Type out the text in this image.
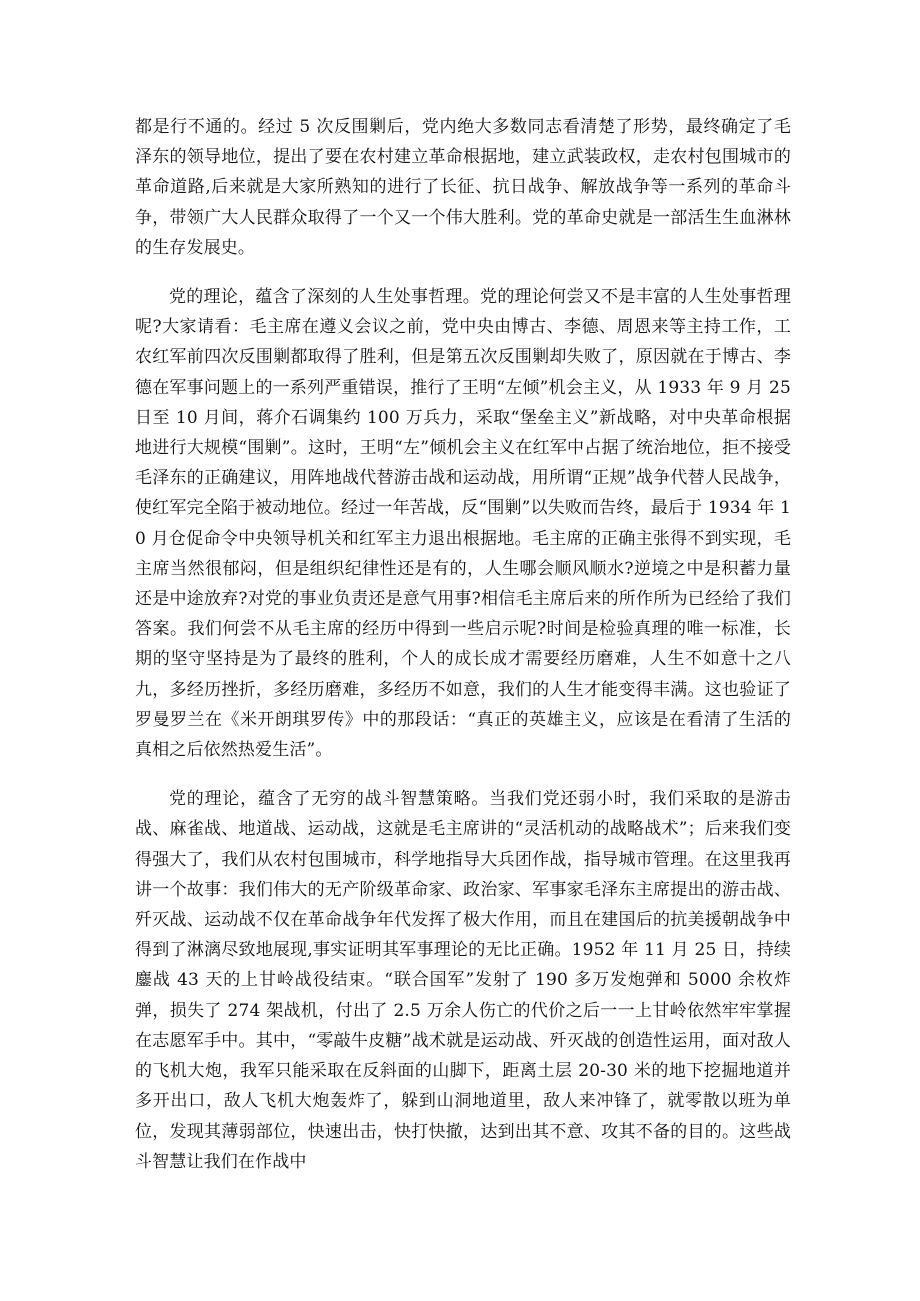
都是行不通的。经过 5 次反围剿后，党内绝大多数同志看清楚了形势，最终确定了毛泽东的领导地位，提出了要在农村建立革命根据地，建立武装政权，走农村包围城市的革命道路,后来就是大家所熟知的进行了长征、抗日战争、解放战争等一系列的革命斗争，带领广大人民群众取得了一个又一个伟大胜利。党的革命史就是一部活生生血淋林的生存发展史。

党的理论，蕴含了深刻的人生处事哲理。党的理论何尝又不是丰富的人生处事哲理呢?大家请看：毛主席在遵义会议之前，党中央由博古、李德、周恩来等主持工作，工农红军前四次反围剿都取得了胜利，但是第五次反围剿却失败了，原因就在于博古、李德在军事问题上的一系列严重错误，推行了王明“左倾”机会主义，从 1933 年 9 月 25 日至 10 月间，蒋介石调集约 100 万兵力，采取“堡垒主义”新战略，对中央革命根据地进行大规模“围剿”。这时，王明“左”倾机会主义在红军中占据了统治地位，拒不接受毛泽东的正确建议，用阵地战代替游击战和运动战，用所谓“正规”战争代替人民战争，使红军完全陷于被动地位。经过一年苦战，反“围剿”以失败而告终，最后于 1934 年 10 月仓促命令中央领导机关和红军主力退出根据地。毛主席的正确主张得不到实现，毛主席当然很郁闷，但是组织纪律性还是有的，人生哪会顺风顺水?逆境之中是积蓄力量还是中途放弃?对党的事业负责还是意气用事?相信毛主席后来的所作所为已经给了我们答案。我们何尝不从毛主席的经历中得到一些启示呢?时间是检验真理的唯一标准，长期的坚守坚持是为了最终的胜利，个人的成长成才需要经历磨难，人生不如意十之八九，多经历挫折，多经历磨难，多经历不如意，我们的人生才能变得丰满。这也验证了罗曼罗兰在《米开朗琪罗传》中的那段话：“真正的英雄主义，应该是在看清了生活的真相之后依然热爱生活”。

党的理论，蕴含了无穷的战斗智慧策略。当我们党还弱小时，我们采取的是游击战、麻雀战、地道战、运动战，这就是毛主席讲的“灵活机动的战略战术”；后来我们变得强大了，我们从农村包围城市，科学地指导大兵团作战，指导城市管理。在这里我再讲一个故事：我们伟大的无产阶级革命家、政治家、军事家毛泽东主席提出的游击战、歼灭战、运动战不仅在革命战争年代发挥了极大作用，而且在建国后的抗美援朝战争中得到了淋漓尽致地展现,事实证明其军事理论的无比正确。1952 年 11 月 25 日，持续鏖战 43 天的上甘岭战役结束。“联合国军”发射了 190 多万发炮弹和 5000 余枚炸弹，损失了 274 架战机，付出了 2.5 万余人伤亡的代价之后一一上甘岭依然牢牢掌握在志愿军手中。其中，“零敲牛皮糖”战术就是运动战、歼灭战的创造性运用，面对敌人的飞机大炮，我军只能采取在反斜面的山脚下，距离土层 20-30 米的地下挖掘地道并多开出口，敌人飞机大炮轰炸了，躲到山洞地道里，敌人来冲锋了，就零散以班为单位，发现其薄弱部位，快速出击，快打快撤，达到出其不意、攻其不备的目的。这些战斗智慧让我们在作战中
